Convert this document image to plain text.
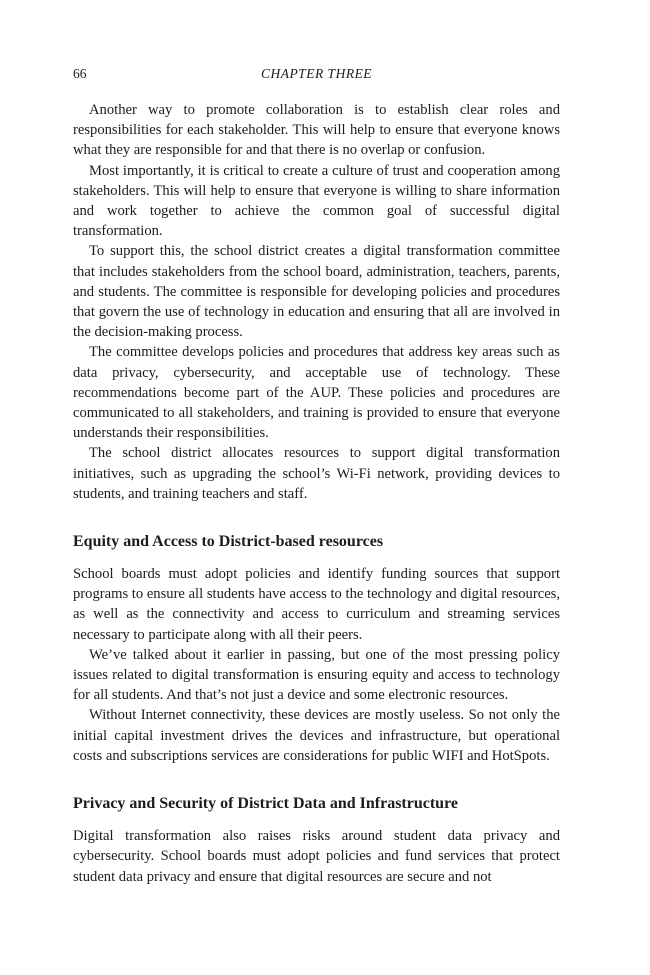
66	CHAPTER THREE

Another way to promote collaboration is to establish clear roles and responsibilities for each stakeholder. This will help to ensure that everyone knows what they are responsible for and that there is no overlap or confusion.

Most importantly, it is critical to create a culture of trust and cooperation among stakeholders. This will help to ensure that everyone is willing to share information and work together to achieve the common goal of successful digital transformation.

To support this, the school district creates a digital transformation committee that includes stakeholders from the school board, administration, teachers, parents, and students. The committee is responsible for developing policies and procedures that govern the use of technology in education and ensuring that all are involved in the decision-making process.

The committee develops policies and procedures that address key areas such as data privacy, cybersecurity, and acceptable use of technology. These recommendations become part of the AUP. These policies and procedures are communicated to all stakeholders, and training is provided to ensure that everyone understands their responsibilities.

The school district allocates resources to support digital transformation initiatives, such as upgrading the school’s Wi-Fi network, providing devices to students, and training teachers and staff.

Equity and Access to District-based resources

School boards must adopt policies and identify funding sources that support programs to ensure all students have access to the technology and digital resources, as well as the connectivity and access to curriculum and streaming services necessary to participate along with all their peers.

We’ve talked about it earlier in passing, but one of the most pressing policy issues related to digital transformation is ensuring equity and access to technology for all students. And that’s not just a device and some electronic resources.

Without Internet connectivity, these devices are mostly useless. So not only the initial capital investment drives the devices and infrastructure, but operational costs and subscriptions services are considerations for public WIFI and HotSpots.

Privacy and Security of District Data and Infrastructure

Digital transformation also raises risks around student data privacy and cybersecurity. School boards must adopt policies and fund services that protect student data privacy and ensure that digital resources are secure and not
